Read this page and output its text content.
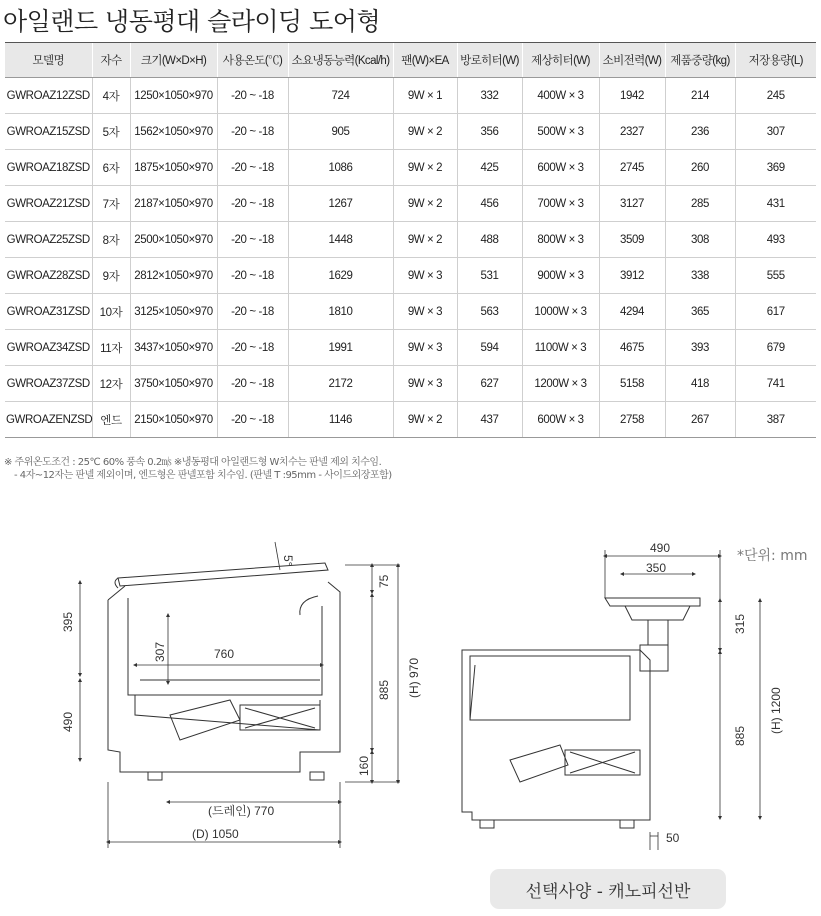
아일랜드 냉동평대 슬라이딩 도어형
모델명	자수	크기(W×D×H)	사용온도(℃)	소요냉동능력(Kcal/h)	팬(W)×EA	방로히터(W)	제상히터(W)	소비전력(W)	제품중량(kg)	저장용량(L)
GWROAZ12ZSD	4자	1250×1050×970	-20 ~ -18	724	9W × 1	332	400W × 3	1942	214	245
GWROAZ15ZSD	5자	1562×1050×970	-20 ~ -18	905	9W × 2	356	500W × 3	2327	236	307
GWROAZ18ZSD	6자	1875×1050×970	-20 ~ -18	1086	9W × 2	425	600W × 3	2745	260	369
GWROAZ21ZSD	7자	2187×1050×970	-20 ~ -18	1267	9W × 2	456	700W × 3	3127	285	431
GWROAZ25ZSD	8자	2500×1050×970	-20 ~ -18	1448	9W × 2	488	800W × 3	3509	308	493
GWROAZ28ZSD	9자	2812×1050×970	-20 ~ -18	1629	9W × 3	531	900W × 3	3912	338	555
GWROAZ31ZSD	10자	3125×1050×970	-20 ~ -18	1810	9W × 3	563	1000W × 3	4294	365	617
GWROAZ34ZSD	11자	3437×1050×970	-20 ~ -18	1991	9W × 3	594	1100W × 3	4675	393	679
GWROAZ37ZSD	12자	3750×1050×970	-20 ~ -18	2172	9W × 3	627	1200W × 3	5158	418	741
GWROAZENZSD	엔드	2150×1050×970	-20 ~ -18	1146	9W × 2	437	600W × 3	2758	267	387
※ 주위온도조건 : 25℃ 60% 풍속 0.2㎧ ※냉동평대 아일랜드형 W치수는 판넬 제외 치수임.
- 4자~12자는 판넬 제외이며, 엔드형은 판넬포함 치수임. (판넬 T :95mm - 사이드외장포함)
*단위: mm
5°
395
490
307	760
75
885 (H) 970
160
(드레인) 770
(D) 1050
490
350
315
885
(H) 1200
50
선택사양 - 캐노피선반
